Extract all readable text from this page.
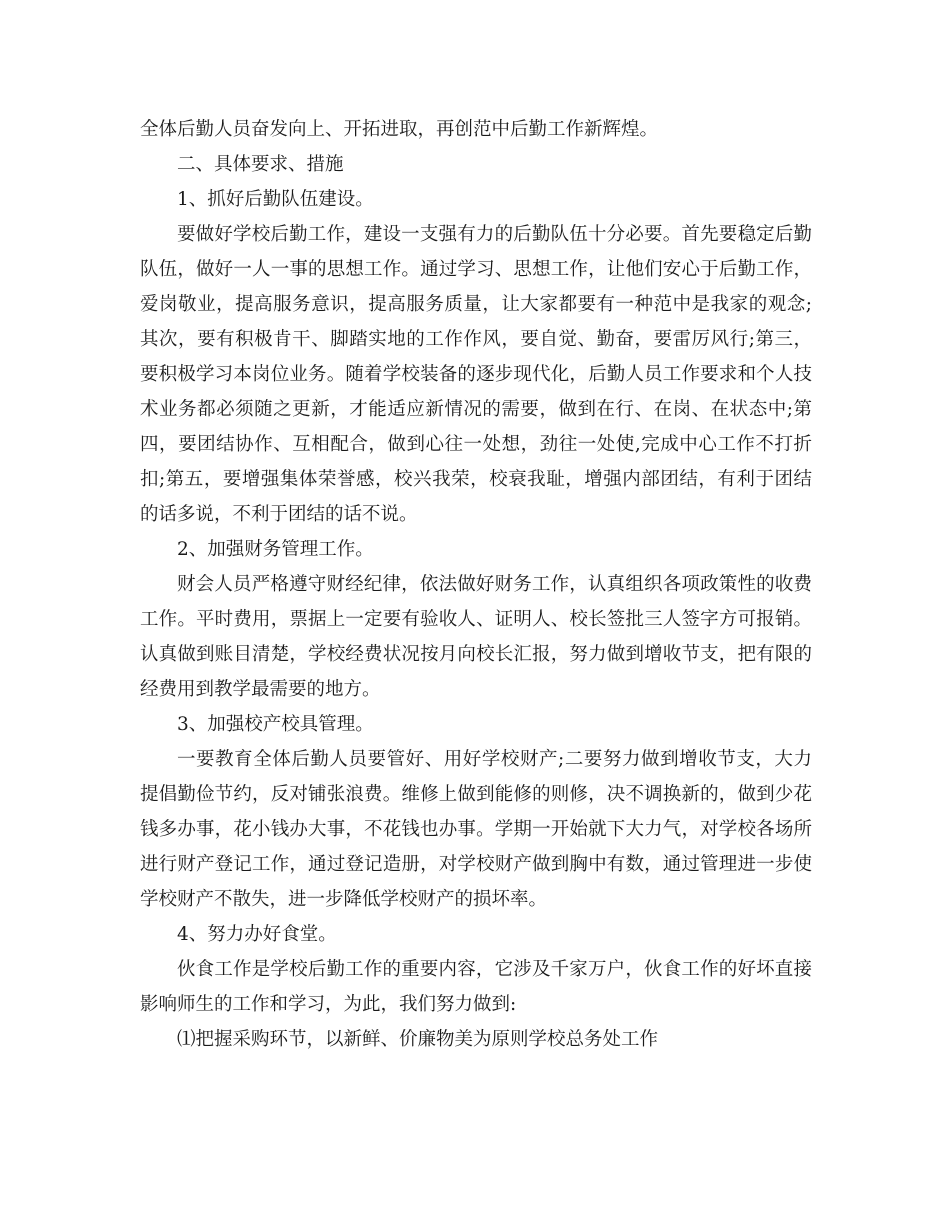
全体后勤人员奋发向上、开拓进取，再创范中后勤工作新辉煌。

二、具体要求、措施

1、抓好后勤队伍建设。

要做好学校后勤工作，建设一支强有力的后勤队伍十分必要。首先要稳定后勤队伍，做好一人一事的思想工作。通过学习、思想工作，让他们安心于后勤工作，爱岗敬业，提高服务意识，提高服务质量，让大家都要有一种范中是我家的观念;其次，要有积极肯干、脚踏实地的工作作风，要自觉、勤奋，要雷厉风行;第三，要积极学习本岗位业务。随着学校装备的逐步现代化，后勤人员工作要求和个人技术业务都必须随之更新，才能适应新情况的需要，做到在行、在岗、在状态中;第四，要团结协作、互相配合，做到心往一处想，劲往一处使,完成中心工作不打折扣;第五，要增强集体荣誉感，校兴我荣，校衰我耻，增强内部团结，有利于团结的话多说，不利于团结的话不说。

2、加强财务管理工作。

财会人员严格遵守财经纪律，依法做好财务工作，认真组织各项政策性的收费工作。平时费用，票据上一定要有验收人、证明人、校长签批三人签字方可报销。认真做到账目清楚，学校经费状况按月向校长汇报，努力做到增收节支，把有限的经费用到教学最需要的地方。

3、加强校产校具管理。

一要教育全体后勤人员要管好、用好学校财产;二要努力做到增收节支，大力提倡勤俭节约，反对铺张浪费。维修上做到能修的则修，决不调换新的，做到少花钱多办事，花小钱办大事，不花钱也办事。学期一开始就下大力气，对学校各场所进行财产登记工作，通过登记造册，对学校财产做到胸中有数，通过管理进一步使学校财产不散失，进一步降低学校财产的损坏率。

4、努力办好食堂。

伙食工作是学校后勤工作的重要内容，它涉及千家万户，伙食工作的好坏直接影响师生的工作和学习，为此，我们努力做到:

⑴把握采购环节，以新鲜、价廉物美为原则学校总务处工作
